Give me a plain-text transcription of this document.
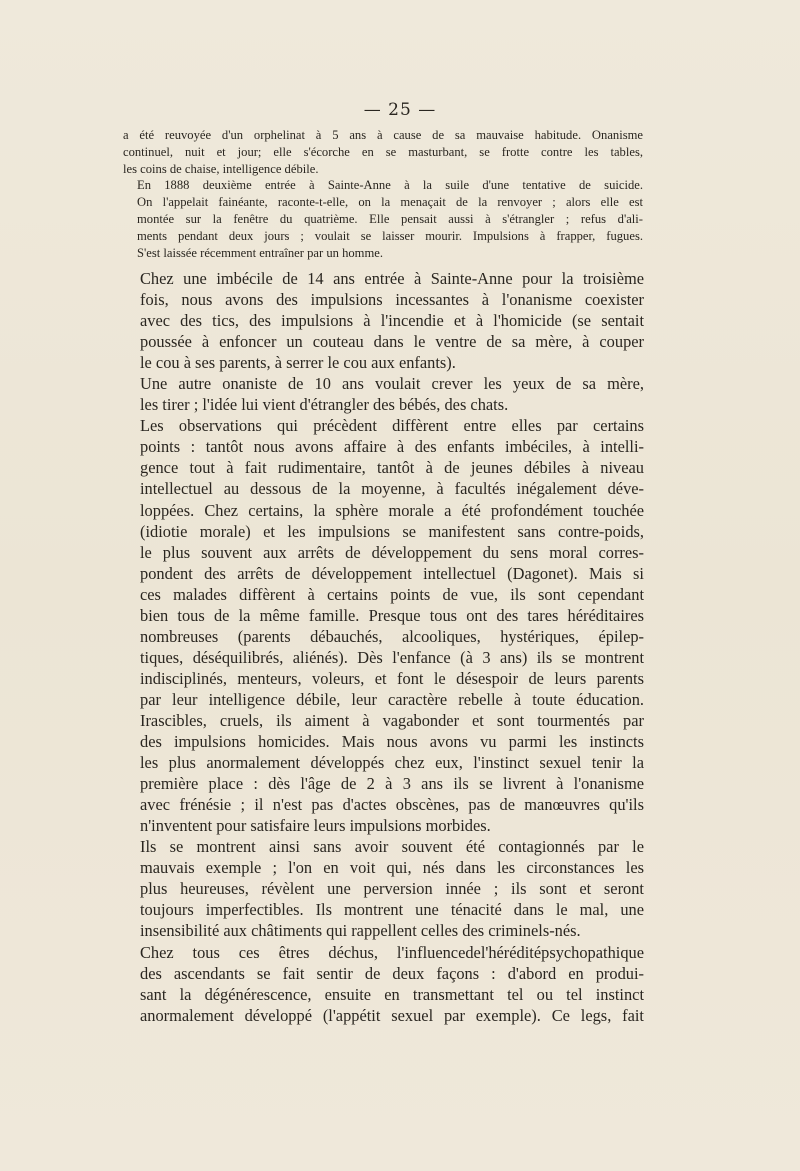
— 25 —

a été reuvoyée d'un orphelinat à 5 ans à cause de sa mauvaise habitude. Onanisme
continuel, nuit et jour; elle s'écorche en se masturbant, se frotte contre les tables,
les coins de chaise, intelligence débile.

En 1888 deuxième entrée à Sainte-Anne à la suile d'une tentative de suicide.
On l'appelait fainéante, raconte-t-elle, on la menaçait de la renvoyer ; alors elle est
montée sur la fenêtre du quatrième. Elle pensait aussi à s'étrangler ; refus d'ali-
ments pendant deux jours ; voulait se laisser mourir. Impulsions à frapper, fugues.
S'est laissée récemment entraîner par un homme.

Chez une imbécile de 14 ans entrée à Sainte-Anne pour la troisième
fois, nous avons des impulsions incessantes à l'onanisme coexister
avec des tics, des impulsions à l'incendie et à l'homicide (se sentait
poussée à enfoncer un couteau dans le ventre de sa mère, à couper
le cou à ses parents, à serrer le cou aux enfants).

Une autre onaniste de 10 ans voulait crever les yeux de sa mère,
les tirer ; l'idée lui vient d'étrangler des bébés, des chats.

Les observations qui précèdent diffèrent entre elles par certains
points : tantôt nous avons affaire à des enfants imbéciles, à intelli-
gence tout à fait rudimentaire, tantôt à de jeunes débiles à niveau
intellectuel au dessous de la moyenne, à facultés inégalement déve-
loppées. Chez certains, la sphère morale a été profondément touchée
(idiotie morale) et les impulsions se manifestent sans contre-poids,
le plus souvent aux arrêts de développement du sens moral corres-
pondent des arrêts de développement intellectuel (Dagonet). Mais si
ces malades diffèrent à certains points de vue, ils sont cependant
bien tous de la même famille. Presque tous ont des tares héréditaires
nombreuses (parents débauchés, alcooliques, hystériques, épilep-
tiques, déséquilibrés, aliénés). Dès l'enfance (à 3 ans) ils se montrent
indisciplinés, menteurs, voleurs, et font le désespoir de leurs parents
par leur intelligence débile, leur caractère rebelle à toute éducation.
Irascibles, cruels, ils aiment à vagabonder et sont tourmentés par
des impulsions homicides. Mais nous avons vu parmi les instincts
les plus anormalement développés chez eux, l'instinct sexuel tenir la
première place : dès l'âge de 2 à 3 ans ils se livrent à l'onanisme
avec frénésie ; il n'est pas d'actes obscènes, pas de manœuvres qu'ils
n'inventent pour satisfaire leurs impulsions morbides.

Ils se montrent ainsi sans avoir souvent été contagionnés par le
mauvais exemple ; l'on en voit qui, nés dans les circonstances les
plus heureuses, révèlent une perversion innée ; ils sont et seront
toujours imperfectibles. Ils montrent une ténacité dans le mal, une
insensibilité aux châtiments qui rappellent celles des criminels-nés.

Chez tous ces êtres déchus, l'influencedel'héréditépsychopathique
des ascendants se fait sentir de deux façons : d'abord en produi-
sant la dégénérescence, ensuite en transmettant tel ou tel instinct
anormalement développé (l'appétit sexuel par exemple). Ce legs, fait
